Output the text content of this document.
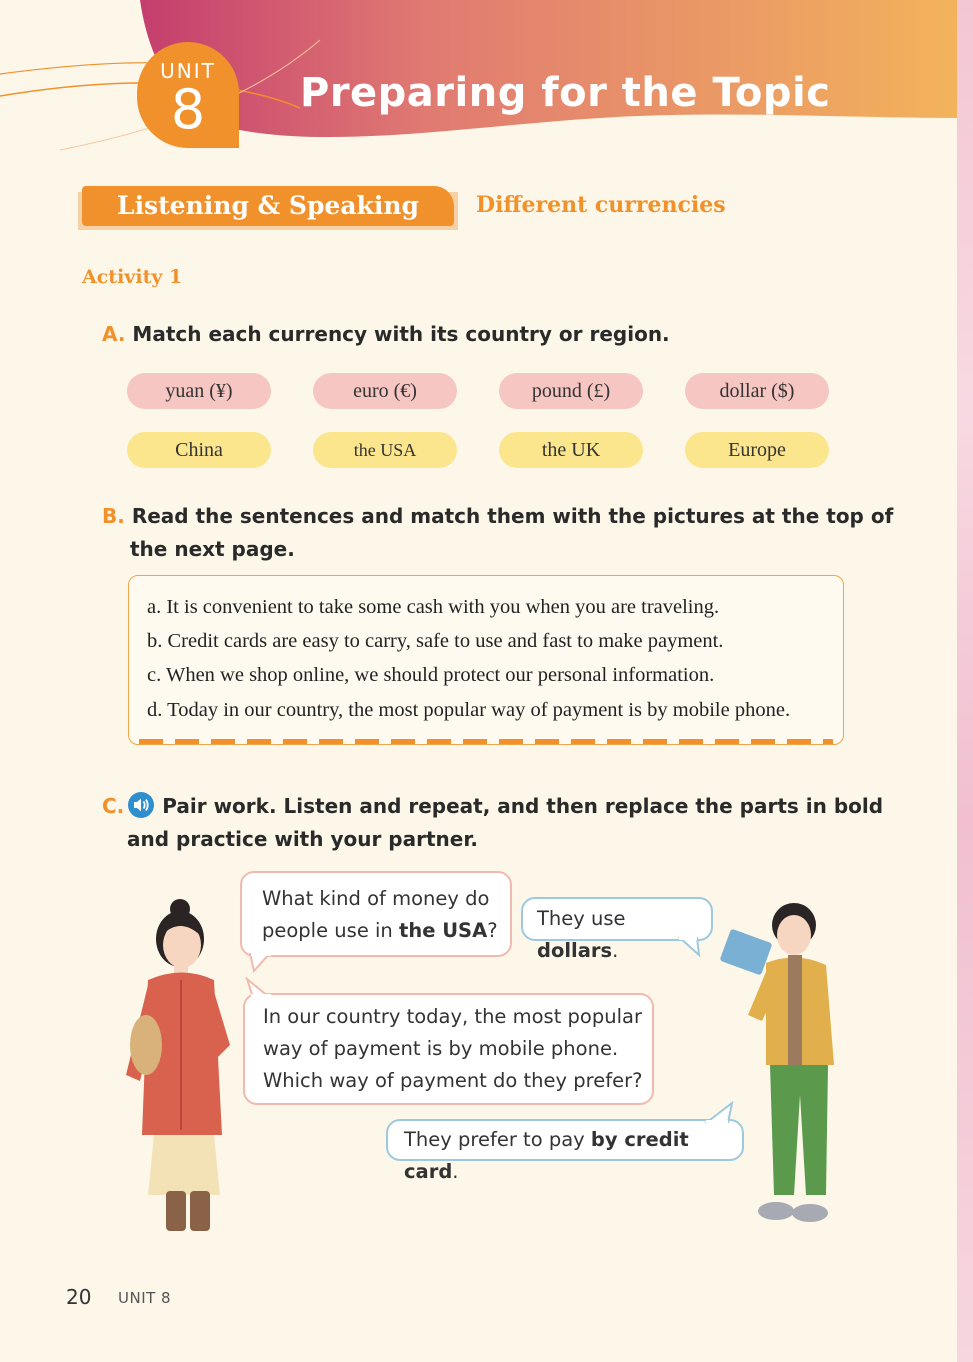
UNIT
8	Preparing for the Topic
Listening & Speaking	Different currencies
Activity 1
A. Match each currency with its country or region.
yuan (¥)	euro (€)	pound (£)	dollar ($)
China	the USA	the UK	Europe
B. Read the sentences and match them with the pictures at the top of
the next page.
a. It is convenient to take some cash with you when you are traveling.
b. Credit cards are easy to carry, safe to use and fast to make payment.
c. When we shop online, we should protect our personal information.
d. Today in our country, the most popular way of payment is by mobile phone.
C. Pair work. Listen and repeat, and then replace the parts in bold
and practice with your partner.
What kind of money do
people use in the USA?
They use dollars.
In our country today, the most popular
way of payment is by mobile phone.
Which way of payment do they prefer?
They prefer to pay by credit card.
20 UNIT 8
